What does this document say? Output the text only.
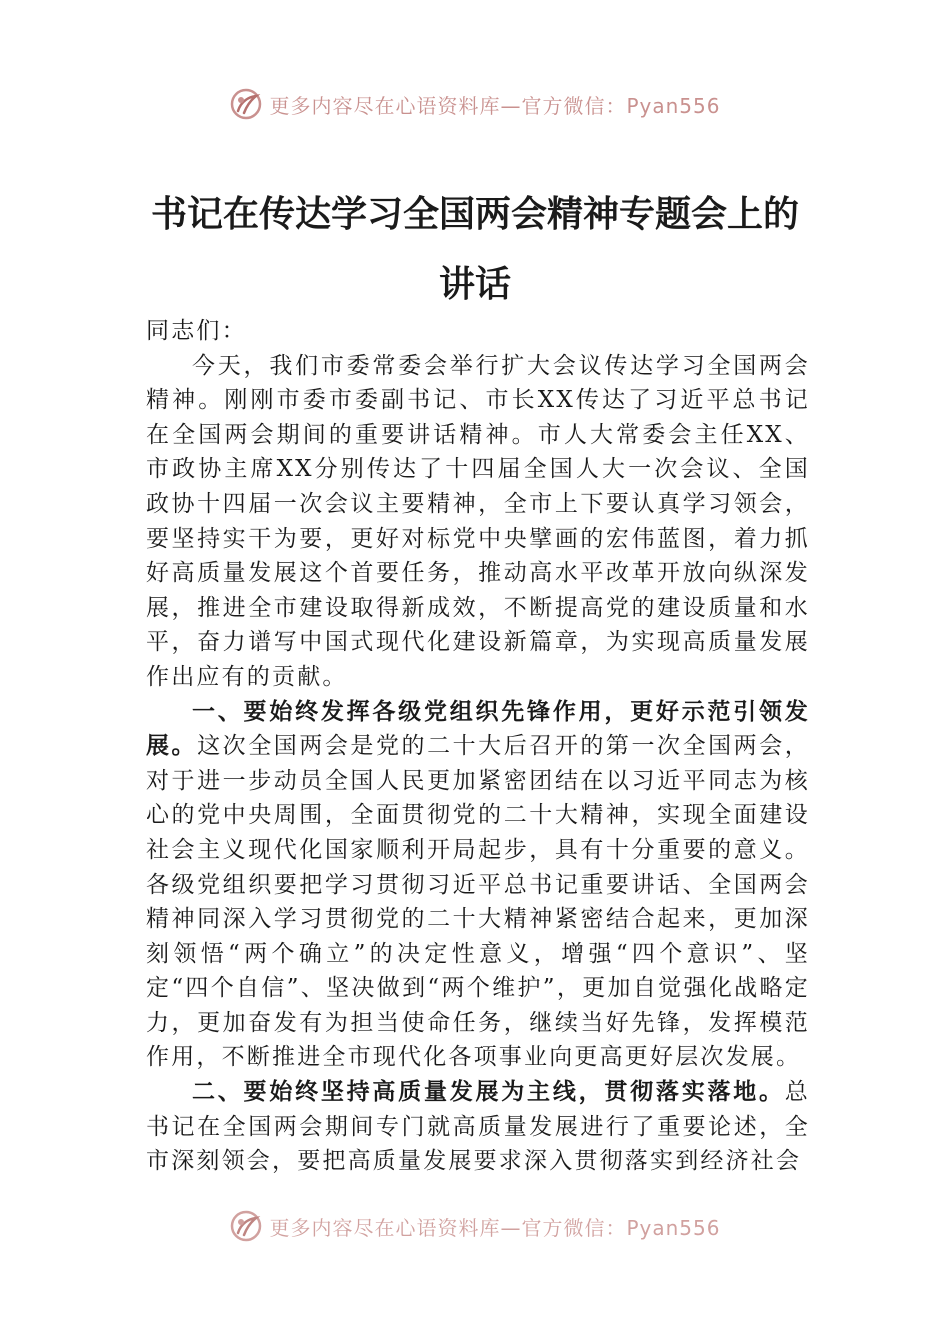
更多内容尽在心语资料库—官方微信：Pyan556
书记在传达学习全国两会精神专题会上的
讲话

同志们：

今天，我们市委常委会举行扩大会议传达学习全国两会精神。刚刚市委市委副书记、市长XX传达了习近平总书记在全国两会期间的重要讲话精神。市人大常委会主任XX、市政协主席XX分别传达了十四届全国人大一次会议、全国政协十四届一次会议主要精神，全市上下要认真学习领会，要坚持实干为要，更好对标党中央擘画的宏伟蓝图，着力抓好高质量发展这个首要任务，推动高水平改革开放向纵深发展，推进全市建设取得新成效，不断提高党的建设质量和水平，奋力谱写中国式现代化建设新篇章，为实现高质量发展作出应有的贡献。

一、要始终发挥各级党组织先锋作用，更好示范引领发展。这次全国两会是党的二十大后召开的第一次全国两会，对于进一步动员全国人民更加紧密团结在以习近平同志为核心的党中央周围，全面贯彻党的二十大精神，实现全面建设社会主义现代化国家顺利开局起步，具有十分重要的意义。各级党组织要把学习贯彻习近平总书记重要讲话、全国两会精神同深入学习贯彻党的二十大精神紧密结合起来，更加深刻领悟“两个确立”的决定性意义，增强“四个意识”、坚定“四个自信”、坚决做到“两个维护”，更加自觉强化战略定力，更加奋发有为担当使命任务，继续当好先锋，发挥模范作用，不断推进全市现代化各项事业向更高更好层次发展。

二、要始终坚持高质量发展为主线，贯彻落实落地。总书记在全国两会期间专门就高质量发展进行了重要论述，全市深刻领会，要把高质量发展要求深入贯彻落实到经济社会

更多内容尽在心语资料库—官方微信：Pyan556
